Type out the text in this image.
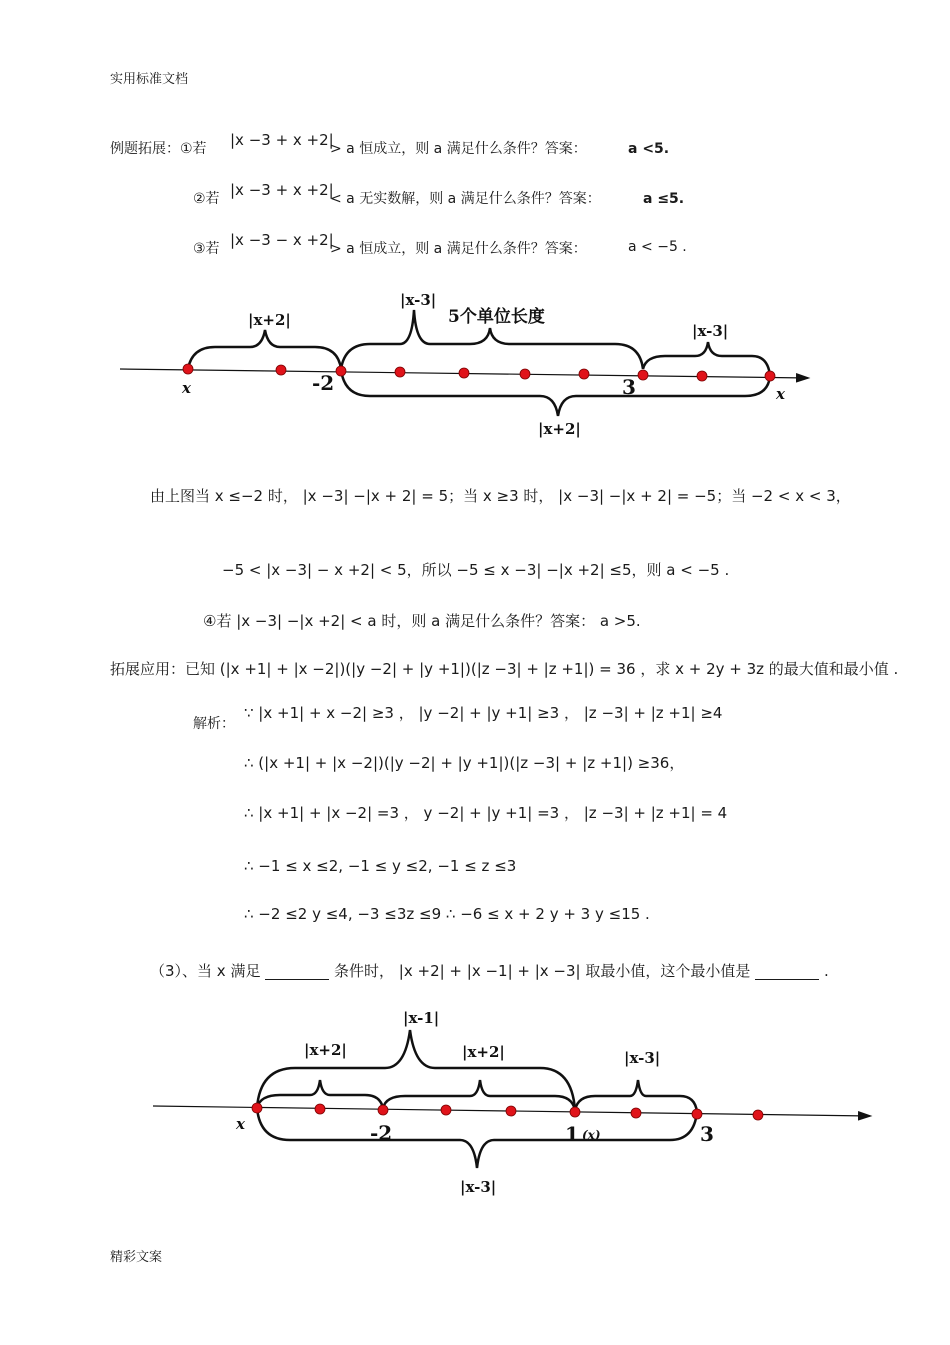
实用标准文档
精彩文案
例题拓展：①若 |x −3 + x +2|
> a 恒成立，则 a 满足什么条件？答案：	a <5.
②若 |x −3 + x +2|
< a 无实数解，则 a 满足什么条件？答案：	a ≤5.
③若 |x −3 − x +2|
> a 恒成立，则 a 满足什么条件？答案：	a < −5 .
|x+2|
|x-3|
5个单位长度
|x-3|
|x+2|
x	-2	3	x
|x-1|
|x+2|	|x+2|	|x-3|
|x-3|
x	-2	1 (x)	3
由上图当 x ≤−2 时， |x −3| −|x + 2| = 5；当 x ≥3 时， |x −3| −|x + 2| = −5；当 −2 < x < 3，
−5 < |x −3| − x +2| < 5，所以 −5 ≤ x −3| −|x +2| ≤5，则 a < −5 .
④若 |x −3| −|x +2| < a 时，则 a 满足什么条件？答案： a >5.
拓展应用：已知 (|x +1| + |x −2|)(|y −2| + |y +1|)(|z −3| + |z +1|) = 36 ，求 x + 2y + 3z 的最大值和最小值 .
解析：
∵ |x +1| + x −2| ≥3 ， |y −2| + |y +1| ≥3 ， |z −3| + |z +1| ≥4
∴ (|x +1| + |x −2|)(|y −2| + |y +1|)(|z −3| + |z +1|) ≥36，
∴ |x +1| + |x −2| =3 ， y −2| + |y +1| =3 ， |z −3| + |z +1| = 4
∴ −1 ≤ x ≤2, −1 ≤ y ≤2, −1 ≤ z ≤3
∴ −2 ≤2 y ≤4, −3 ≤3z ≤9 ∴ −6 ≤ x + 2 y + 3 y ≤15 .
（3）、当 x 满足	条件时， |x +2| + |x −1| + |x −3| 取最小值，这个最小值是	.
